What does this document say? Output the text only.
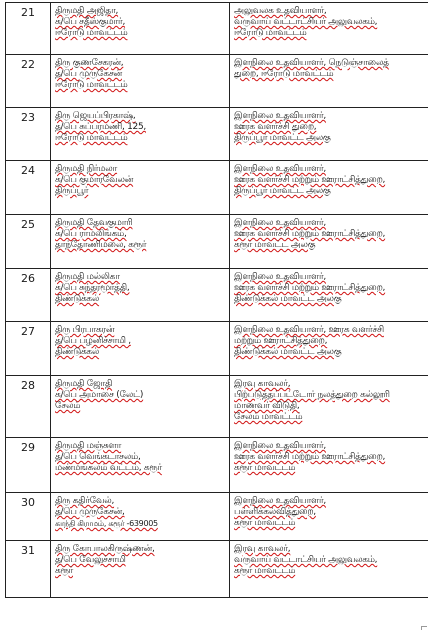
21	திருமதி அஜிதா,
க/பெ சதீஸ்குமார்,
ஈரோடு மாவட்டம்	அலுவலக உதவியாளர்,
வருவாய் வட்டாட்சியர் அலுவலகம்,
ஈரோடு மாவட்டம்

22	திரு குணசேகரன்,
த/பெ முருகேசன்
ஈரோடு மாவட்டம்	இளநிலை உதவியாளர், நெடுஞ்சாலைத்
துறை, ஈரோடு மாவட்டம்

23	திரு ஜெயப்பிரகாஷ்,
த/பெ சுப்பரமணி, 125,
ஈரோடு மாவட்டம்	இளநிலை உதவியாளர்,
ஊரக வளர்ச்சி துறை,
திருப்பூர் மாவட்ட அலகு

24	திருமதி நிர்மலா
க/பெ குமாரவேலன்
திருப்பூர்	இளநிலை உதவியாளர்,
ஊரக வளர்ச்சி மற்றும் ஊராட்சித்துறை,
திருப்பூர் மாவட்ட அலகு

25	திருமதி தேவகுமாரி
க/பெ ராமலிங்கம்,
தாந்தோணிமலை, கரூர்	இளநிலை உதவியாளர்,
ஊரக வளர்ச்சி மற்றும் ஊராட்சித்துறை,
கரூர் மாவட்ட அலகு

26	திருமதி மல்லிகா
க/பெ சுந்தரமூர்த்தி,
திண்டுக்கல்	இளநிலை உதவியாளர்,
ஊரக வளர்ச்சி மற்றும் ஊராட்சித்துறை,
திண்டுக்கல் மாவட்ட அலகு

27	திரு பிரபாகரன்
த/பெ பழனிச்சாமி ,
திண்டுக்கல்	இளநிலை உதவியாளர், ஊரக வளர்ச்சி
மற்றும் ஊராட்சித்துறை,
திண்டுக்கல் மாவட்ட அலகு

28	திருமதி ஜோதி
க/பெ அமாசை (லேட்)
சேலம்	இரவு காவலர்,
பிற்படுத்தப்பட்டோர் நலத்துறை கல்லூரி
மாணவர் விடுதி,
சேலம் மாவட்டம்

29	திருமதி மஞ்சுளா
த/பெ வெங்கடாசலம்,
மண்மங்கலம் வட்டம், கரூர்	இளநிலை உதவியாளர்,
ஊரக வளர்ச்சி மற்றும் ஊராட்சித்துறை,
கரூர் மாவட்டம்

30	திரு கதிர்வேல்,
த/பெ முருகேசன்,
காந்தி கிராமம், கரூர் -639005	இளநிலை உதவியாளர்,
பள்ளிக்கல்வித்துறை,
கரூர் மாவட்டம்

31	திரு கோபாலகிருஷ்ணன்,
த/பெ வேலுச்சாமி
கரூர்	இரவு காவலர்,
வருவாய் வட்டாட்சியர் அலுவலகம்,
கரூர் மாவட்டம்
